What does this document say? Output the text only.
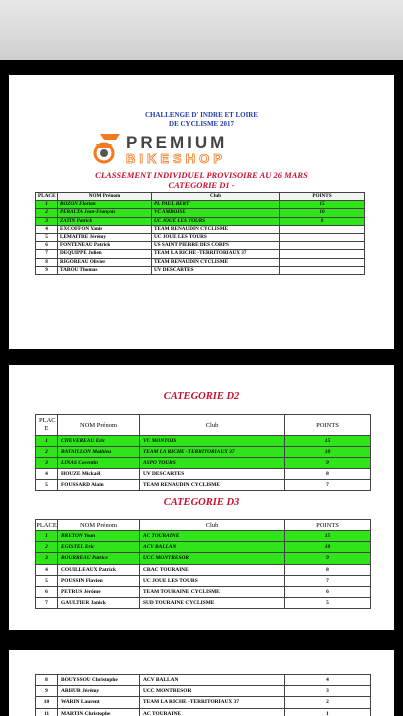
CHALLENGE D' INDRE ET LOIRE
DE CYCLISME 2017
PREMIUM
BIKESHOP
CLASSEMENT INDIVIDUEL PROVISOIRE AU 26 MARS
CATEGORIE D1 -
PLACE	NOM Prénom	Club	POINTS
1	BOZON Florian	PL PAUL BERT	15
2	PERALTA Jean-François	VC AMBOISE	10
3	ZATIN Patrick	UC JOUE LES TOURS	9
4	EXCOFFON Yanis	TEAM RENAUDIN CYCLISME	
5	LEMAITRE Jérémy	UC JOUE LES TOURS	
6	FONTENEAU Patrick	US SAINT PIERRE DES CORPS	
7	DEQUIPPE Julien	TEAM LA RICHE -TERRITORIAUX 37	
8	RIGOREAU Olivier	TEAM RENAUDIN CYCLISME	
9	TAROU Thomas	UV DESCARTES	
CATEGORIE D2
PLAC E	NOM Prénom	Club	POINTS
1	CHEVEREAU Eric	VC MONTOIS	15
2	BATAILLON Mathieu	TEAM LA RICHE -TERRITORIAUX 37	10
3	LINAS Corentin	ASPO TOURS	9
4	HOUZE Mickaël	UV DESCARTES	8
5	FOUSSARD Alain	TEAM RENAUDIN CYCLISME	7
CATEGORIE D3
PLACE	NOM Prénom	Club	POINTS
1	BRETON Yoan	AC TOURAINE	15
2	EGISTEL Eric	ACV BALLAN	10
3	BOURREAU Patrice	UCC MONTRESOR	9
4	COUILLEAUX Patrick	CRAC TOURAINE	8
5	POUSSIN Flavien	UC JOUE LES TOURS	7
6	PETRUS Jérôme	TEAM TOURAINE CYCLISME	6
7	GAULTIER Janick	SUD TOURAINE CYCLISME	5
8	BOUYSSOU Christophe	ACV BALLAN	4
9	ARHUR Jérémy	UCC MONTRESOR	3
10	WARIN Laurent	TEAM LA RICHE -TERRITORIAUX 37	2
11	MARTIN Christophe	AC TOURAINE	1
